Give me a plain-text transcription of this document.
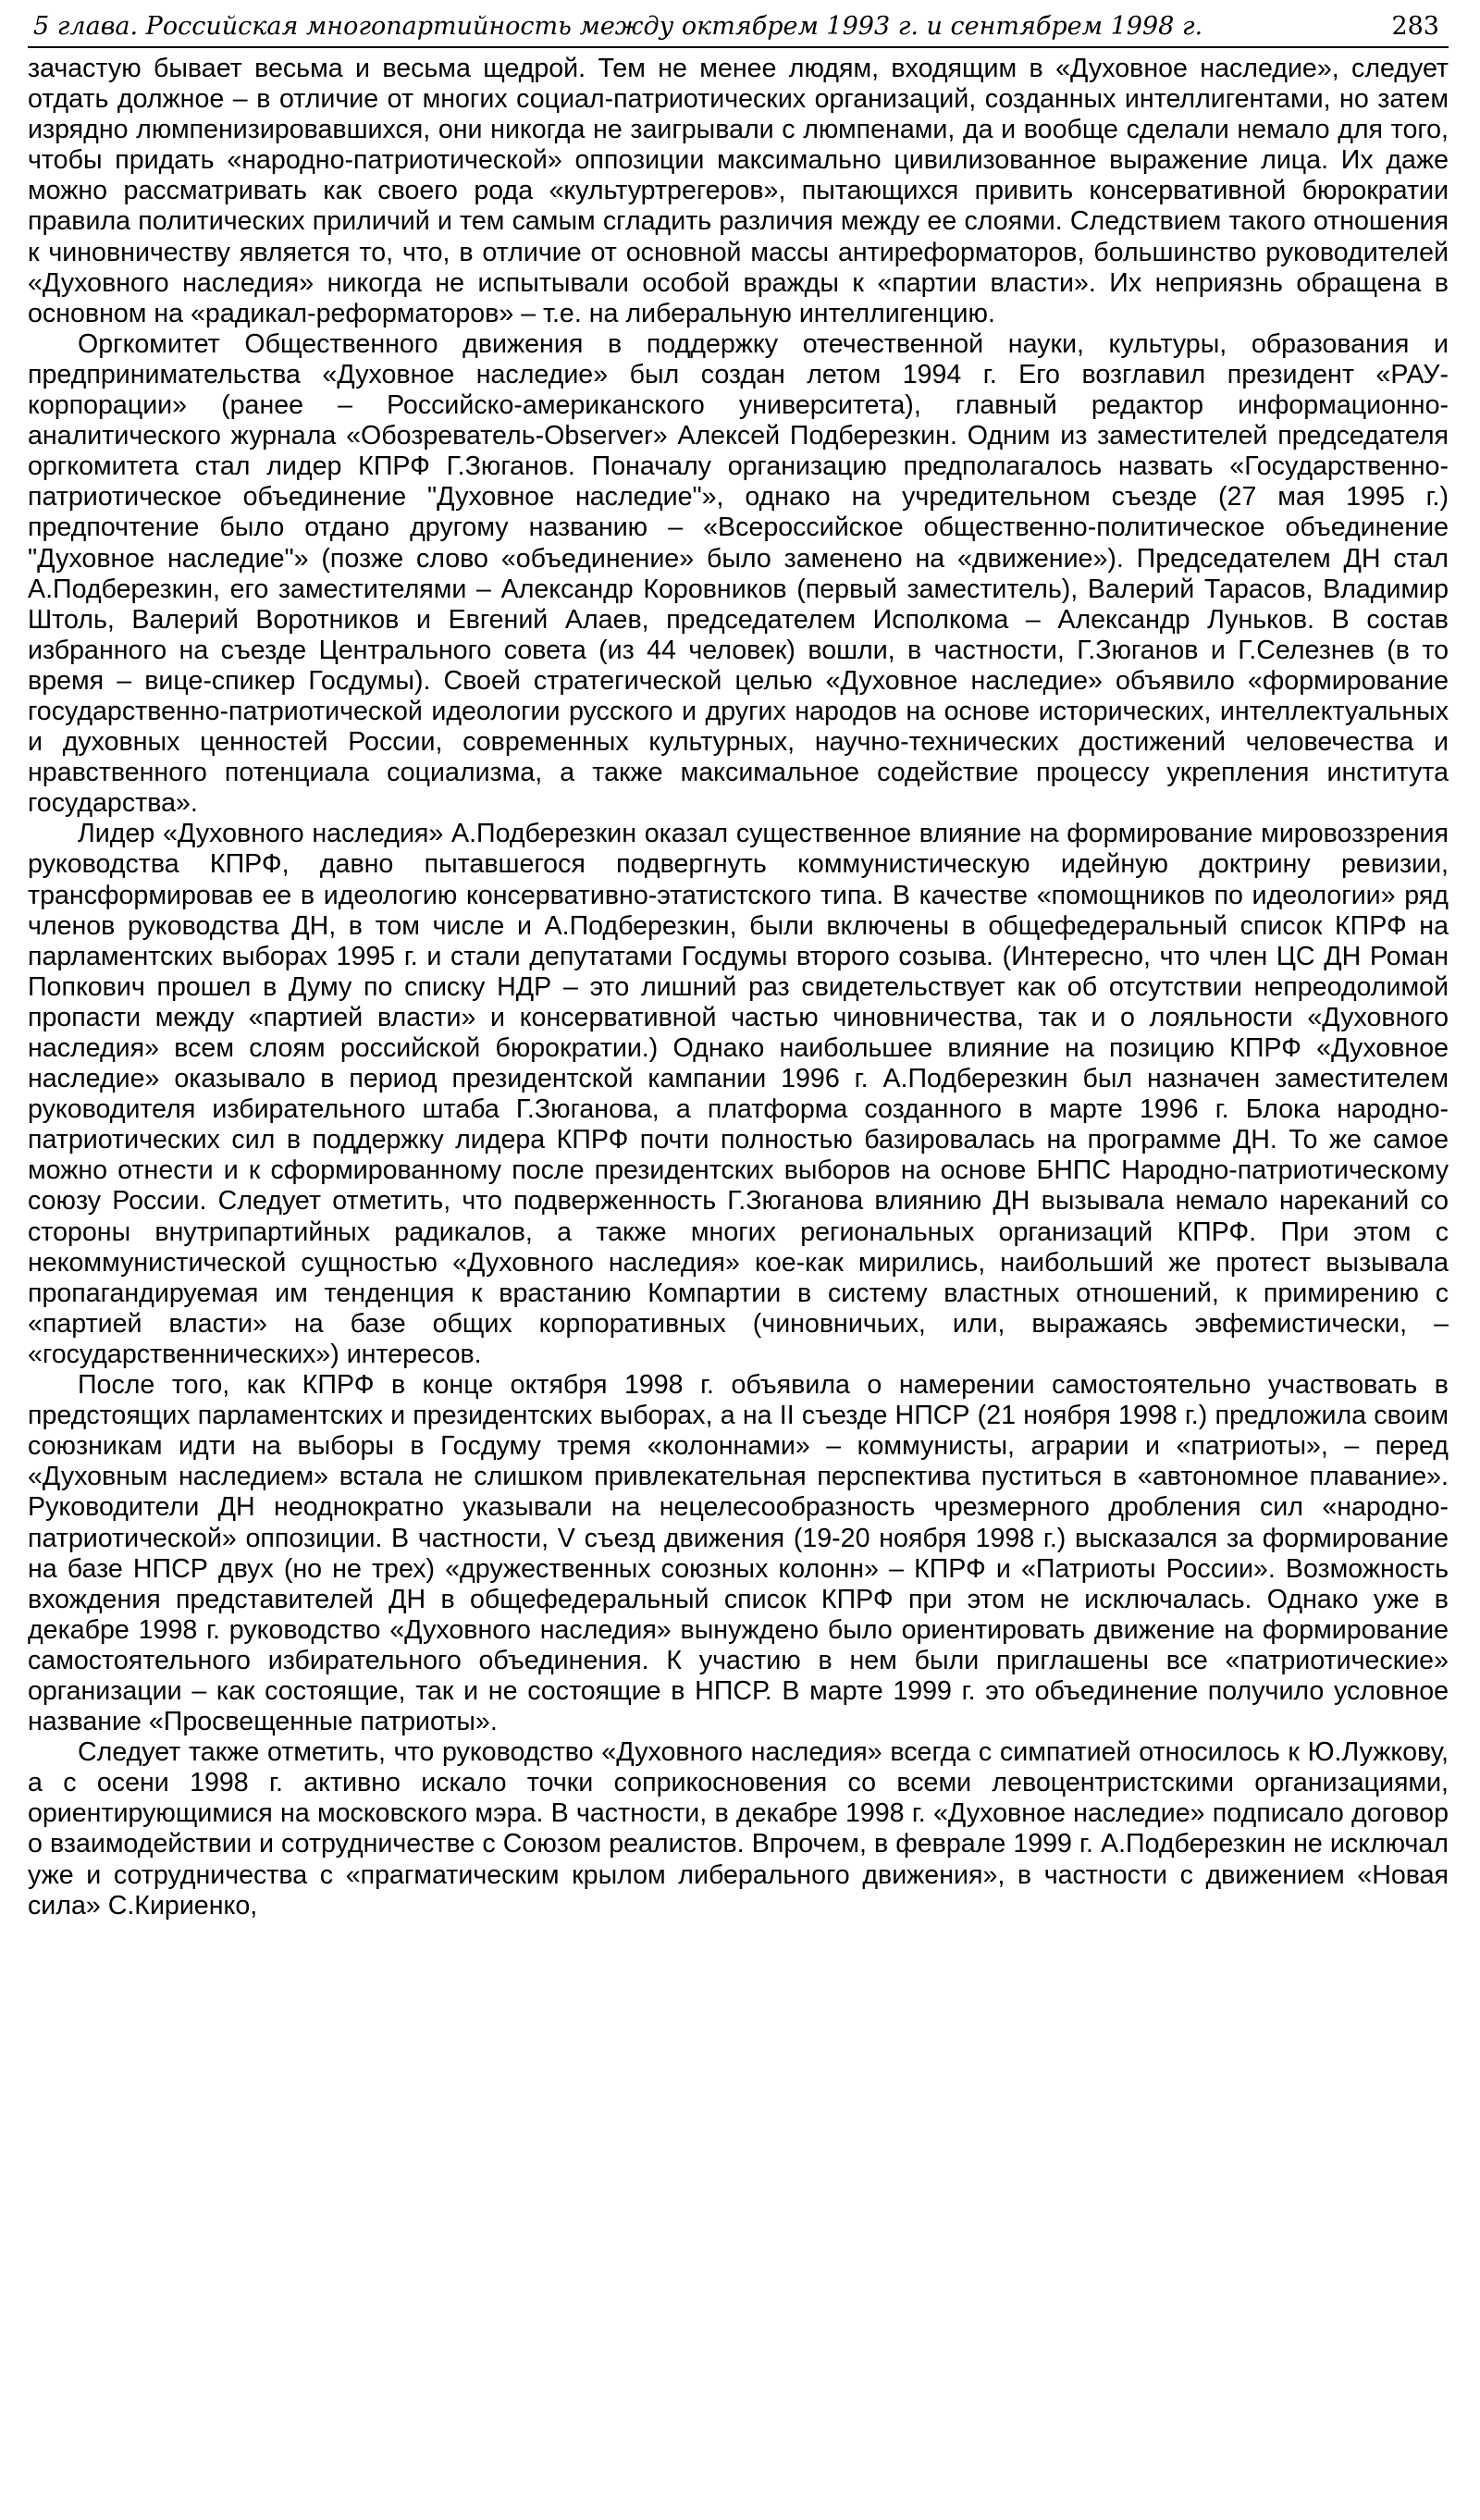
5 глава. Российская многопартийность между октябрем 1993 г. и сентябрем 1998 г.	283

зачастую бывает весьма и весьма щедрой. Тем не менее людям, входящим в «Духовное наследие», следует отдать должное – в отличие от многих социал-патриотических организаций, созданных интеллигентами, но затем изрядно люмпенизировавшихся, они никогда не заигрывали с люмпенами, да и вообще сделали немало для того, чтобы придать «народно-патриотической» оппозиции максимально цивилизованное выражение лица. Их даже можно рассматривать как своего рода «культуртрегеров», пытающихся привить консервативной бюрократии правила политических приличий и тем самым сгладить различия между ее слоями. Следствием такого отношения к чиновничеству является то, что, в отличие от основной массы антиреформаторов, большинство руководителей «Духовного наследия» никогда не испытывали особой вражды к «партии власти». Их неприязнь обращена в основном на «радикал-реформаторов» – т.е. на либеральную интеллигенцию.

Оргкомитет Общественного движения в поддержку отечественной науки, культуры, образования и предпринимательства «Духовное наследие» был создан летом 1994 г. Его возглавил президент «РАУ-корпорации» (ранее – Российско-американского университета), главный редактор информационно-аналитического журнала «Обозреватель-Observer» Алексей Подберезкин. Одним из заместителей председателя оргкомитета стал лидер КПРФ Г.Зюганов. Поначалу организацию предполагалось назвать «Государственно-патриотическое объединение "Духовное наследие"», однако на учредительном съезде (27 мая 1995 г.) предпочтение было отдано другому названию – «Всероссийское общественно-политическое объединение "Духовное наследие"» (позже слово «объединение» было заменено на «движение»). Председателем ДН стал А.Подберезкин, его заместителями – Александр Коровников (первый заместитель), Валерий Тарасов, Владимир Штоль, Валерий Воротников и Евгений Алаев, председателем Исполкома – Александр Луньков. В состав избранного на съезде Центрального совета (из 44 человек) вошли, в частности, Г.Зюганов и Г.Селезнев (в то время – вице-спикер Госдумы). Своей стратегической целью «Духовное наследие» объявило «формирование государственно-патриотической идеологии русского и других народов на основе исторических, интеллектуальных и духовных ценностей России, современных культурных, научно-технических достижений человечества и нравственного потенциала социализма, а также максимальное содействие процессу укрепления института государства».

Лидер «Духовного наследия» А.Подберезкин оказал существенное влияние на формирование мировоззрения руководства КПРФ, давно пытавшегося подвергнуть коммунистическую идейную доктрину ревизии, трансформировав ее в идеологию консервативно-этатистского типа. В качестве «помощников по идеологии» ряд членов руководства ДН, в том числе и А.Подберезкин, были включены в общефедеральный список КПРФ на парламентских выборах 1995 г. и стали депутатами Госдумы второго созыва. (Интересно, что член ЦС ДН Роман Попкович прошел в Думу по списку НДР – это лишний раз свидетельствует как об отсутствии непреодолимой пропасти между «партией власти» и консервативной частью чиновничества, так и о лояльности «Духовного наследия» всем слоям российской бюрократии.) Однако наибольшее влияние на позицию КПРФ «Духовное наследие» оказывало в период президентской кампании 1996 г. А.Подберезкин был назначен заместителем руководителя избирательного штаба Г.Зюганова, а платформа созданного в марте 1996 г. Блока народно-патриотических сил в поддержку лидера КПРФ почти полностью базировалась на программе ДН. То же самое можно отнести и к сформированному после президентских выборов на основе БНПС Народно-патриотическому союзу России. Следует отметить, что подверженность Г.Зюганова влиянию ДН вызывала немало нареканий со стороны внутрипартийных радикалов, а также многих региональных организаций КПРФ. При этом с некоммунистической сущностью «Духовного наследия» кое-как мирились, наибольший же протест вызывала пропагандируемая им тенденция к врастанию Компартии в систему властных отношений, к примирению с «партией власти» на базе общих корпоративных (чиновничьих, или, выражаясь эвфемистически, – «государственнических») интересов.

После того, как КПРФ в конце октября 1998 г. объявила о намерении самостоятельно участвовать в предстоящих парламентских и президентских выборах, а на II съезде НПСР (21 ноября 1998 г.) предложила своим союзникам идти на выборы в Госдуму тремя «колоннами» – коммунисты, аграрии и «патриоты», – перед «Духовным наследием» встала не слишком привлекательная перспектива пуститься в «автономное плавание». Руководители ДН неоднократно указывали на нецелесообразность чрезмерного дробления сил «народно-патриотической» оппозиции. В частности, V съезд движения (19-20 ноября 1998 г.) высказался за формирование на базе НПСР двух (но не трех) «дружественных союзных колонн» – КПРФ и «Патриоты России». Возможность вхождения представителей ДН в общефедеральный список КПРФ при этом не исключалась. Однако уже в декабре 1998 г. руководство «Духовного наследия» вынуждено было ориентировать движение на формирование самостоятельного избирательного объединения. К участию в нем были приглашены все «патриотические» организации – как состоящие, так и не состоящие в НПСР. В марте 1999 г. это объединение получило условное название «Просвещенные патриоты».

Следует также отметить, что руководство «Духовного наследия» всегда с симпатией относилось к Ю.Лужкову, а с осени 1998 г. активно искало точки соприкосновения со всеми левоцентристскими организациями, ориентирующимися на московского мэра. В частности, в декабре 1998 г. «Духовное наследие» подписало договор о взаимодействии и сотрудничестве с Союзом реалистов. Впрочем, в феврале 1999 г. А.Подберезкин не исключал уже и сотрудничества с «прагматическим крылом либерального движения», в частности с движением «Новая сила» С.Кириенко,
